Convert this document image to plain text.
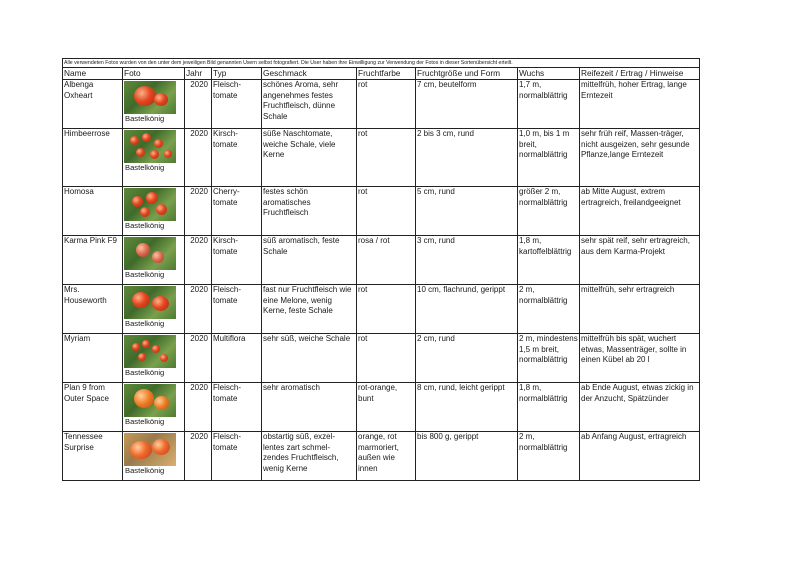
Alle verwendeten Fotos wurden von den unter dem jeweiligen Bild genannten Usern selbst fotografiert. Die User haben ihre Einwilligung zur Verwendung der Fotos in dieser Sortenübersicht erteilt.								
Name	Foto	Jahr	Typ	Geschmack	Fruchtfarbe	Fruchtgröße und Form	Wuchs	Reifezeit / Ertrag / Hinweise
Albenga Oxheart	Bastelkönig	2020	Fleisch-tomate	schönes Aroma, sehr angenehmes festes Fruchtfleisch, dünne Schale	rot	7 cm, beutelform	1,7 m, normalblättrig	mittelfrüh, hoher Ertrag, lange Erntezeit
Himbeerrose	Bastelkönig	2020	Kirsch-tomate	süße Naschtomate, weiche Schale, viele Kerne	rot	2 bis 3 cm, rund	1,0 m, bis 1 m breit, normalblättrig	sehr früh reif, Massen-träger, nicht ausgeizen, sehr gesunde Pflanze,lange Erntezeit
Homosa	Bastelkönig	2020	Cherry-tomate	festes schön aromatisches Fruchtfleisch	rot	5 cm, rund	größer 2 m, normalblättrig	ab Mitte August, extrem ertragreich, freilandgeeignet
Karma Pink F9	Bastelkönig	2020	Kirsch-tomate	süß aromatisch, feste Schale	rosa / rot	3 cm, rund	1,8 m, kartoffelblättrig	sehr spät reif, sehr ertragreich, aus dem Karma-Projekt
Mrs. Houseworth	Bastelkönig	2020	Fleisch-tomate	fast nur Fruchtfleisch wie eine Melone, wenig Kerne, feste Schale	rot	10 cm, flachrund, gerippt	2 m, normalblättrig	mittelfrüh, sehr ertragreich
Myriam	Bastelkönig	2020	Multiflora	sehr süß, weiche Schale	rot	2 cm, rund	2 m, mindestens 1,5 m breit, normalblättrig	mittelfrüh bis spät, wuchert etwas, Massenträger, sollte in einen Kübel ab 20 l
Plan 9 from Outer Space	Bastelkönig	2020	Fleisch-tomate	sehr aromatisch	rot-orange, bunt	8 cm, rund, leicht gerippt	1,8 m, normalblättrig	ab Ende August, etwas zickig in der Anzucht, Spätzünder
Tennessee Surprise	Bastelkönig	2020	Fleisch-tomate	obstartig süß, exzel-lentes zart schmel-zendes Fruchtfleisch, wenig Kerne	orange, rot marmoriert, außen wie innen	bis 800 g, gerippt	2 m, normalblättrig	ab Anfang August, ertragreich
